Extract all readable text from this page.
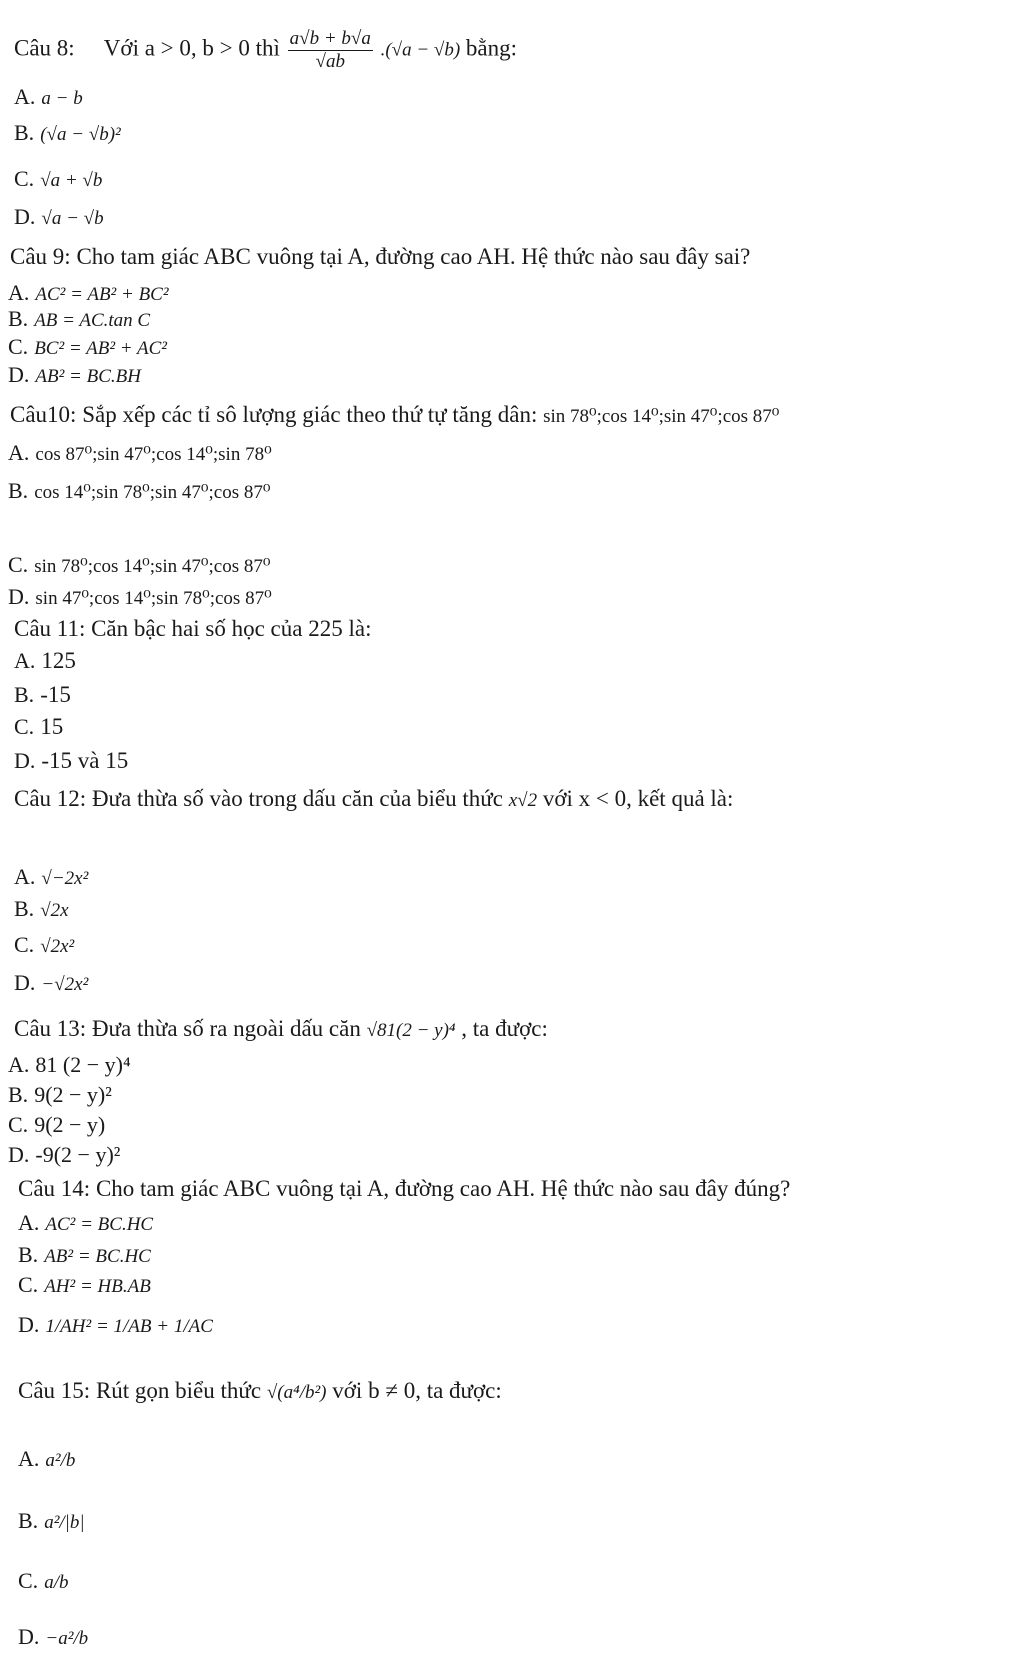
Câu 8: Với a > 0, b > 0 thì $\frac{a√b + b√a}{√ab} .(√a - √b)$ bằng:
A. a − b
B. (√a − √b)²
C. √a + √b
D. √a − √b
Câu 9: Cho tam giác ABC vuông tại A, đường cao AH. Hệ thức nào sau đây sai?
A. AC² = AB² + BC²
B. AB = AC.tan C
C. BC² = AB² + AC²
D. AB² = BC.BH
Câu10: Sắp xếp các tỉ sô lượng giác theo thứ tự tăng dân: sin 78⁰;cos 14⁰;sin 47⁰;cos 87⁰
A. cos 87⁰;sin 47⁰;cos 14⁰;sin 78⁰
B. cos 14⁰;sin 78⁰;sin 47⁰;cos 87⁰
C. sin 78⁰;cos 14⁰;sin 47⁰;cos 87⁰
D. sin 47⁰;cos 14⁰;sin 78⁰;cos 87⁰
Câu 11: Căn bậc hai số học của 225 là:
A. 125
B. -15
C. 15
D. -15 và 15
Câu 12: Đưa thừa số vào trong dấu căn của biểu thức x√2 với x < 0, kết quả là:
A. √−2x²
B. √2x
C. √2x²
D. −√2x²
Câu 13: Đưa thừa số ra ngoài dấu căn √81(2 − y)⁴ , ta được:
A. 81 (2 − y)⁴
B. 9(2 − y)²
C. 9(2 − y)
D. -9(2 − y)²
Câu 14: Cho tam giác ABC vuông tại A, đường cao AH. Hệ thức nào sau đây đúng?
A. AC² = BC.HC
B. AB² = BC.HC
C. AH² = HB.AB
D. 1/AH² = 1/AB + 1/AC
Câu 15: Rút gọn biểu thức √(a⁴/b²) với b ≠ 0, ta được:
A. a²/b
B. a²/|b|
C. a/b
D. −a²/b
